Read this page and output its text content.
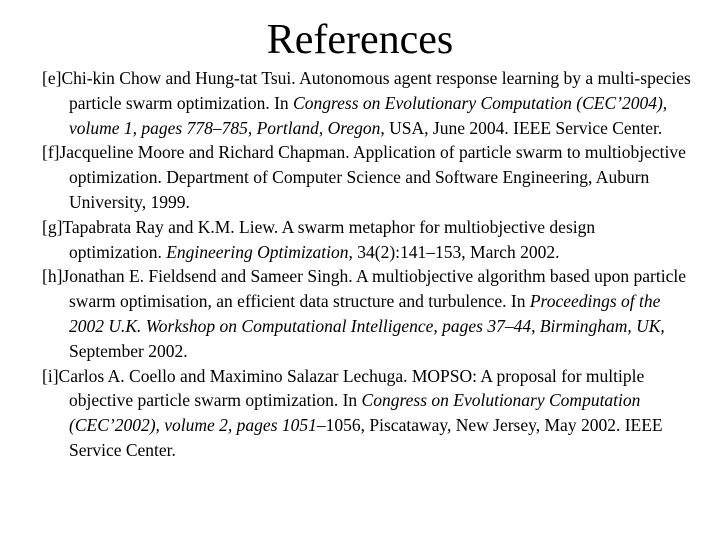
References
[e]Chi-kin Chow and Hung-tat Tsui. Autonomous agent response learning by a multi-species particle swarm optimization. In Congress on Evolutionary Computation (CEC’2004), volume 1, pages 778–785, Portland, Oregon, USA, June 2004. IEEE Service Center.
[f]Jacqueline Moore and Richard Chapman. Application of particle swarm to multiobjective optimization. Department of Computer Science and Software Engineering, Auburn University, 1999.
[g]Tapabrata Ray and K.M. Liew. A swarm metaphor for multiobjective design optimization. Engineering Optimization, 34(2):141–153, March 2002.
[h]Jonathan E. Fieldsend and Sameer Singh. A multiobjective algorithm based upon particle swarm optimisation, an efficient data structure and turbulence. In Proceedings of the 2002 U.K. Workshop on Computational Intelligence, pages 37–44, Birmingham, UK, September 2002.
[i]Carlos A. Coello and Maximino Salazar Lechuga. MOPSO: A proposal for multiple objective particle swarm optimization. In Congress on Evolutionary Computation (CEC’2002), volume 2, pages 1051–1056, Piscataway, New Jersey, May 2002. IEEE Service Center.
